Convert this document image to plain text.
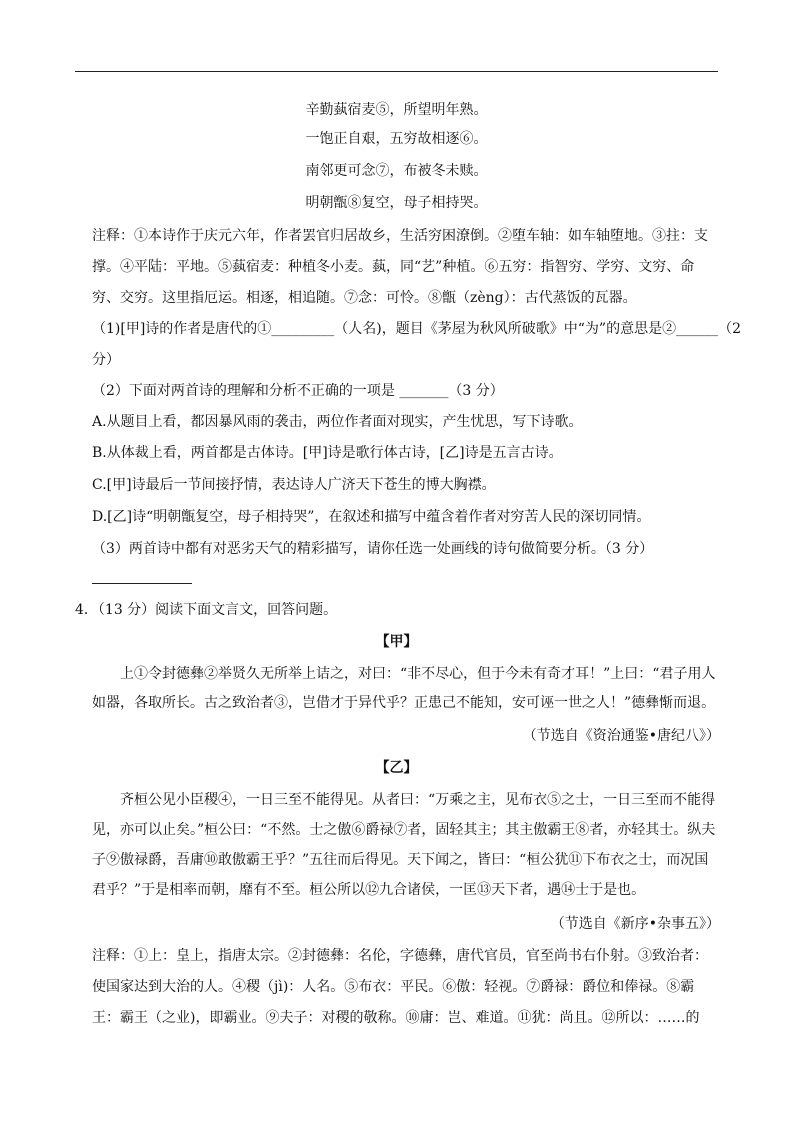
辛勤蓺宿麦⑤，所望明年熟。
一饱正自艰，五穷故相逐⑥。
南邻更可念⑦，布被冬未赎。
明朝甑⑧复空，母子相持哭。
注释：①本诗作于庆元六年，作者罢官归居故乡，生活穷困潦倒。②堕车轴：如车轴堕地。③拄：支
撑。④平陆：平地。⑤蓺宿麦：种植冬小麦。蓺，同“艺”种植。⑥五穷：指智穷、学穷、文穷、命
穷、交穷。这里指厄运。相逐，相追随。⑦念：可怜。⑧甑（zèng）：古代蒸饭的瓦器。
（1)[甲]诗的作者是唐代的①_________（人名)，题目《茅屋为秋风所破歌》中“为”的意思是②______（2
分）
（2）下面对两首诗的理解和分析不正确的一项是 _______（3 分）
A.从题目上看，都因暴风雨的袭击，两位作者面对现实，产生忧思，写下诗歌。
B.从体裁上看，两首都是古体诗。[甲]诗是歌行体古诗，[乙]诗是五言古诗。
C.[甲]诗最后一节间接抒情，表达诗人广济天下苍生的博大胸襟。
D.[乙]诗“明朝甑复空，母子相持哭”，在叙述和描写中蕴含着作者对穷苦人民的深切同情。
（3）两首诗中都有对恶劣天气的精彩描写，请你任选一处画线的诗句做简要分析。（3 分）
4．（13 分）阅读下面文言文，回答问题。
【甲】
上①令封德彝②举贤久无所举上诘之，对曰：“非不尽心，但于今未有奇才耳！”上曰：“君子用人
如器，各取所长。古之致治者③，岂借才于异代乎？正患己不能知，安可诬一世之人！”德彝惭而退。
（节选自《资治通鉴•唐纪八》）
【乙】
齐桓公见小臣稷④，一日三至不能得见。从者曰：“万乘之主，见布衣⑤之士，一日三至而不能得
见，亦可以止矣。”桓公曰：“不然。士之傲⑥爵禄⑦者，固轻其主；其主傲霸王⑧者，亦轻其士。纵夫
子⑨傲禄爵，吾庸⑩敢傲霸王乎？”五往而后得见。天下闻之，皆曰：“桓公犹⑪下布衣之士，而况国
君乎？”于是相率而朝，靡有不至。桓公所以⑫九合诸侯，一匡⑬天下者，遇⑭士于是也。
（节选自《新序•杂事五》）
注释：①上：皇上，指唐太宗。②封德彝：名伦，字德彝，唐代官员，官至尚书右仆射。③致治者：
使国家达到大治的人。④稷（jì)：人名。⑤布衣：平民。⑥傲：轻视。⑦爵禄：爵位和俸禄。⑧霸
王：霸王（之业)，即霸业。⑨夫子：对稷的敬称。⑩庸：岂、难道。⑪犹：尚且。⑫所以：……的
